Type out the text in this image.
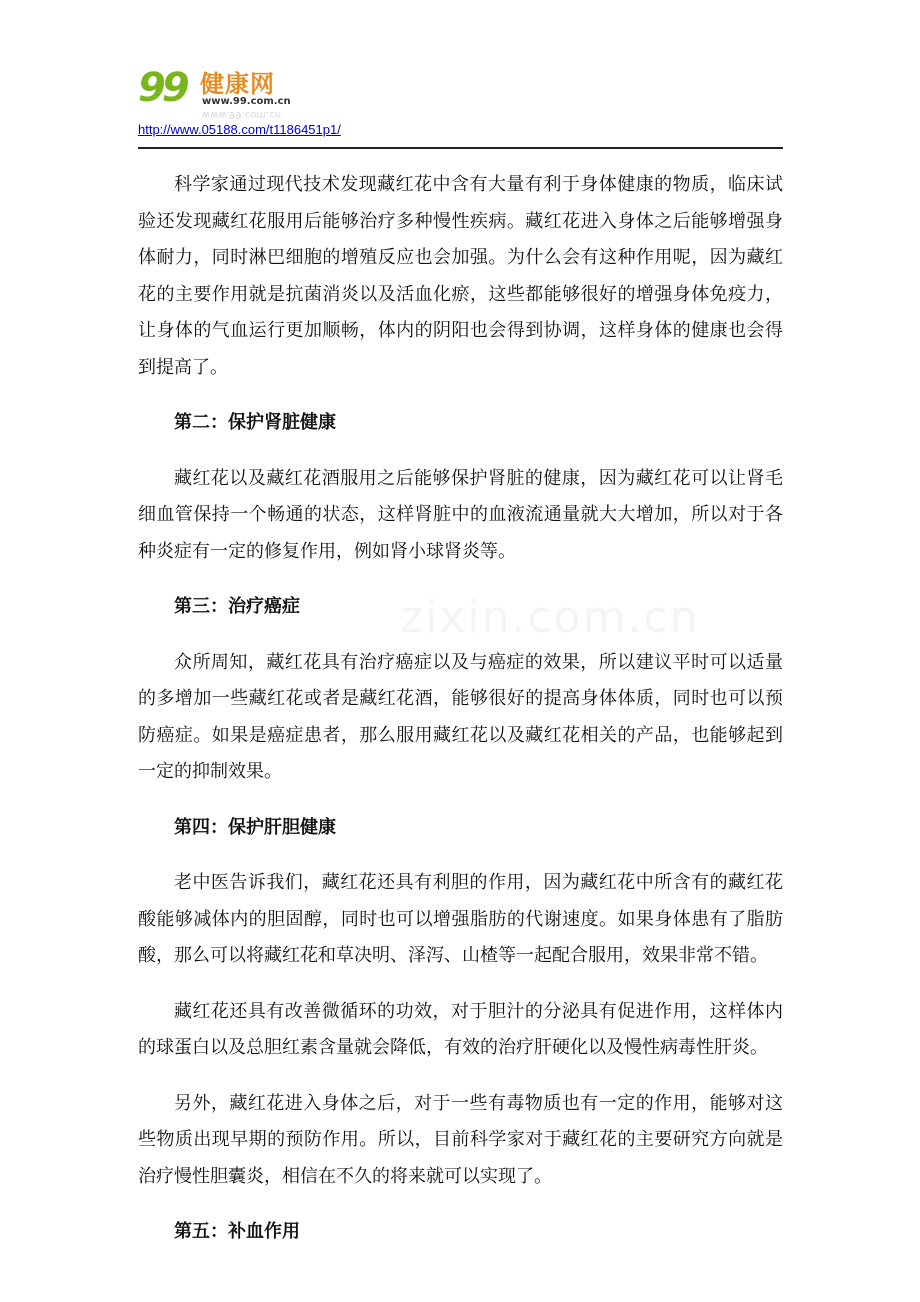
99 健康网
www.99.com.cn
www.99.com.cn
http://www.05188.com/t1186451p1/

科学家通过现代技术发现藏红花中含有大量有利于身体健康的物质，临床试验还发现藏红花服用后能够治疗多种慢性疾病。藏红花进入身体之后能够增强身体耐力，同时淋巴细胞的增殖反应也会加强。为什么会有这种作用呢，因为藏红花的主要作用就是抗菌消炎以及活血化瘀，这些都能够很好的增强身体免疫力，让身体的气血运行更加顺畅，体内的阴阳也会得到协调，这样身体的健康也会得到提高了。

第二：保护肾脏健康

藏红花以及藏红花酒服用之后能够保护肾脏的健康，因为藏红花可以让肾毛细血管保持一个畅通的状态，这样肾脏中的血液流通量就大大增加，所以对于各种炎症有一定的修复作用，例如肾小球肾炎等。

第三：治疗癌症

众所周知，藏红花具有治疗癌症以及与癌症的效果，所以建议平时可以适量的多增加一些藏红花或者是藏红花酒，能够很好的提高身体体质，同时也可以预防癌症。如果是癌症患者，那么服用藏红花以及藏红花相关的产品，也能够起到一定的抑制效果。

第四：保护肝胆健康

老中医告诉我们，藏红花还具有利胆的作用，因为藏红花中所含有的藏红花酸能够减体内的胆固醇，同时也可以增强脂肪的代谢速度。如果身体患有了脂肪酸，那么可以将藏红花和草决明、泽泻、山楂等一起配合服用，效果非常不错。

藏红花还具有改善微循环的功效，对于胆汁的分泌具有促进作用，这样体内的球蛋白以及总胆红素含量就会降低，有效的治疗肝硬化以及慢性病毒性肝炎。

另外，藏红花进入身体之后，对于一些有毒物质也有一定的作用，能够对这些物质出现早期的预防作用。所以，目前科学家对于藏红花的主要研究方向就是治疗慢性胆囊炎，相信在不久的将来就可以实现了。

第五：补血作用
